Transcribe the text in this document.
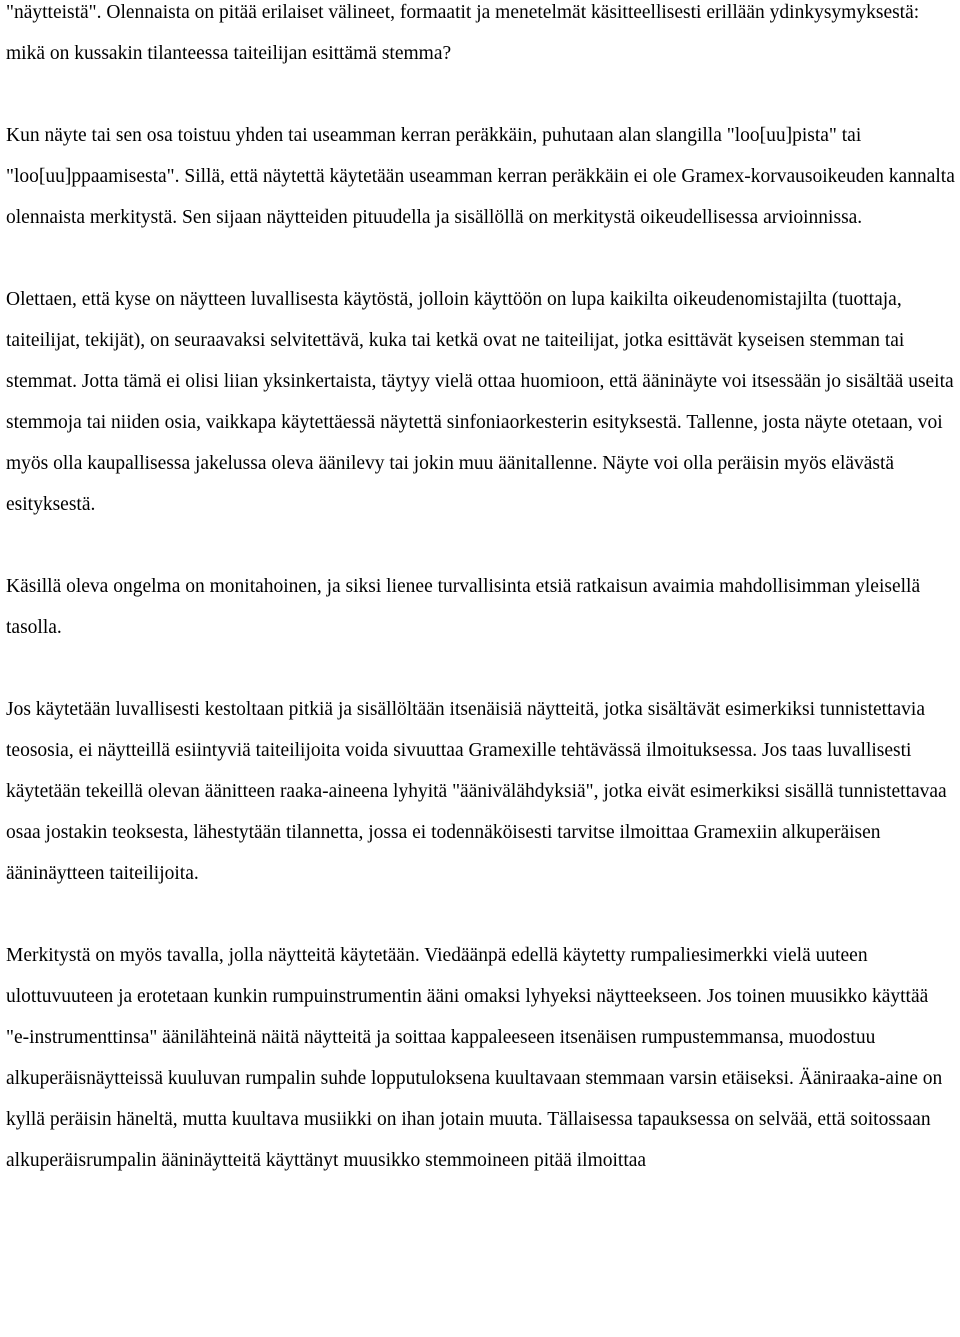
"näytteistä". Olennaista on pitää erilaiset välineet, formaatit ja menetelmät käsitteellisesti erillään ydinkysymyksestä: mikä on kussakin tilanteessa taiteilijan esittämä stemma?

Kun näyte tai sen osa toistuu yhden tai useamman kerran peräkkäin, puhutaan alan slangilla "loo[uu]pista" tai "loo[uu]ppaamisesta". Sillä, että näytettä käytetään useamman kerran peräkkäin ei ole Gramex-korvausoikeuden kannalta olennaista merkitystä. Sen sijaan näytteiden pituudella ja sisällöllä on merkitystä oikeudellisessa arvioinnissa.

Olettaen, että kyse on näytteen luvallisesta käytöstä, jolloin käyttöön on lupa kaikilta oikeudenomistajilta (tuottaja, taiteilijat, tekijät), on seuraavaksi selvitettävä, kuka tai ketkä ovat ne taiteilijat, jotka esittävät kyseisen stemman tai stemmat. Jotta tämä ei olisi liian yksinkertaista, täytyy vielä ottaa huomioon, että ääninäyte voi itsessään jo sisältää useita stemmoja tai niiden osia, vaikkapa käytettäessä näytettä sinfoniaorkesterin esityksestä. Tallenne, josta näyte otetaan, voi myös olla kaupallisessa jakelussa oleva äänilevy tai jokin muu äänitallenne. Näyte voi olla peräisin myös elävästä esityksestä.

Käsillä oleva ongelma on monitahoinen, ja siksi lienee turvallisinta etsiä ratkaisun avaimia mahdollisimman yleisellä tasolla.

Jos käytetään luvallisesti kestoltaan pitkiä ja sisällöltään itsenäisiä näytteitä, jotka sisältävät esimerkiksi tunnistettavia teososia, ei näytteillä esiintyviä taiteilijoita voida sivuuttaa Gramexille tehtävässä ilmoituksessa. Jos taas luvallisesti käytetään tekeillä olevan äänitteen raaka-aineena lyhyitä "äänivälähdyksiä", jotka eivät esimerkiksi sisällä tunnistettavaa osaa jostakin teoksesta, lähestytään tilannetta, jossa ei todennäköisesti tarvitse ilmoittaa Gramexiin alkuperäisen ääninäytteen taiteilijoita.

Merkitystä on myös tavalla, jolla näytteitä käytetään. Viedäänpä edellä käytetty rumpaliesimerkki vielä uuteen ulottuvuuteen ja erotetaan kunkin rumpuinstrumentin ääni omaksi lyhyeksi näytteekseen. Jos toinen muusikko käyttää "e-instrumenttinsa" äänilähteinä näitä näytteitä ja soittaa kappaleeseen itsenäisen rumpustemmansa, muodostuu alkuperäisnäytteissä kuuluvan rumpalin suhde lopputuloksena kuultavaan stemmaan varsin etäiseksi. Ääniraaka-aine on kyllä peräisin häneltä, mutta kuultava musiikki on ihan jotain muuta. Tällaisessa tapauksessa on selvää, että soitossaan alkuperäisrumpalin ääninäytteitä käyttänyt muusikko stemmoineen pitää ilmoittaa
